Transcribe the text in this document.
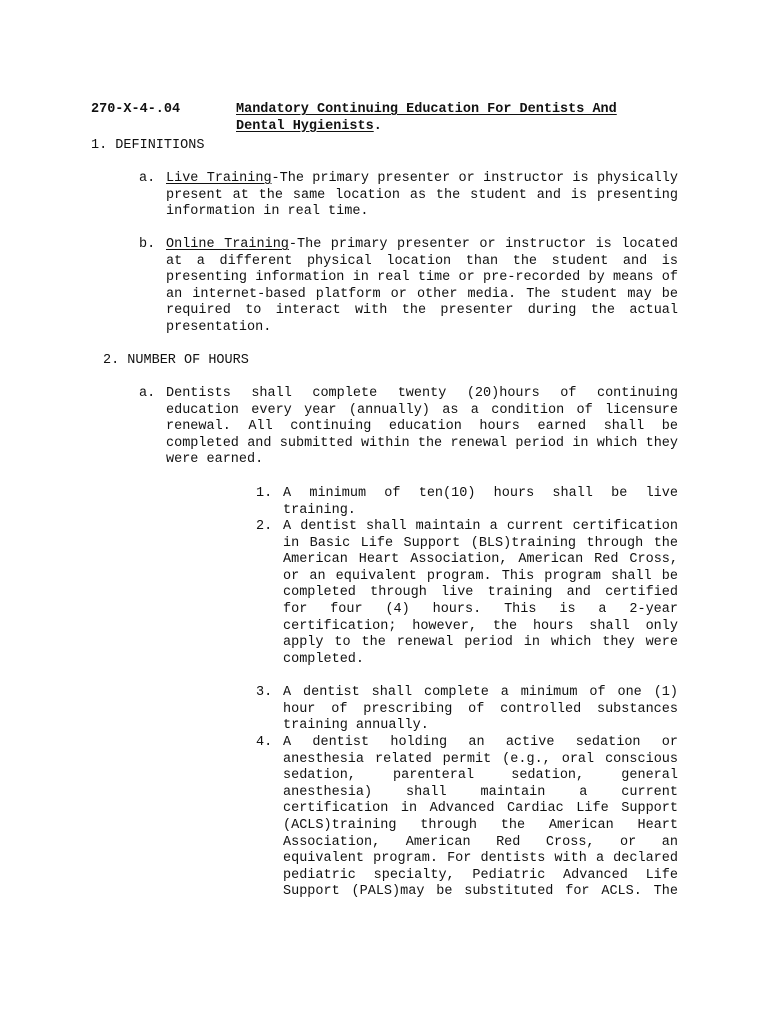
270-X-4-.04	Mandatory Continuing Education For Dentists And Dental Hygienists.
1. DEFINITIONS
a. Live Training-The primary presenter or instructor is physically present at the same location as the student and is presenting information in real time.
b. Online Training-The primary presenter or instructor is located at a different physical location than the student and is presenting information in real time or pre-recorded by means of an internet-based platform or other media. The student may be required to interact with the presenter during the actual presentation.
2. NUMBER OF HOURS
a. Dentists shall complete twenty (20)hours of continuing education every year (annually) as a condition of licensure renewal. All continuing education hours earned shall be completed and submitted within the renewal period in which they were earned.
1. A minimum of ten(10) hours shall be live training.
2. A dentist shall maintain a current certification in Basic Life Support (BLS)training through the American Heart Association, American Red Cross, or an equivalent program. This program shall be completed through live training and certified for four (4) hours. This is a 2-year certification; however, the hours shall only apply to the renewal period in which they were completed.
3. A dentist shall complete a minimum of one (1) hour of prescribing of controlled substances training annually.
4. A dentist holding an active sedation or anesthesia related permit (e.g., oral conscious sedation, parenteral sedation, general anesthesia) shall maintain a current certification in Advanced Cardiac Life Support (ACLS)training through the American Heart Association, American Red Cross, or an equivalent program. For dentists with a declared pediatric specialty, Pediatric Advanced Life Support (PALS)may be substituted for ACLS. The
